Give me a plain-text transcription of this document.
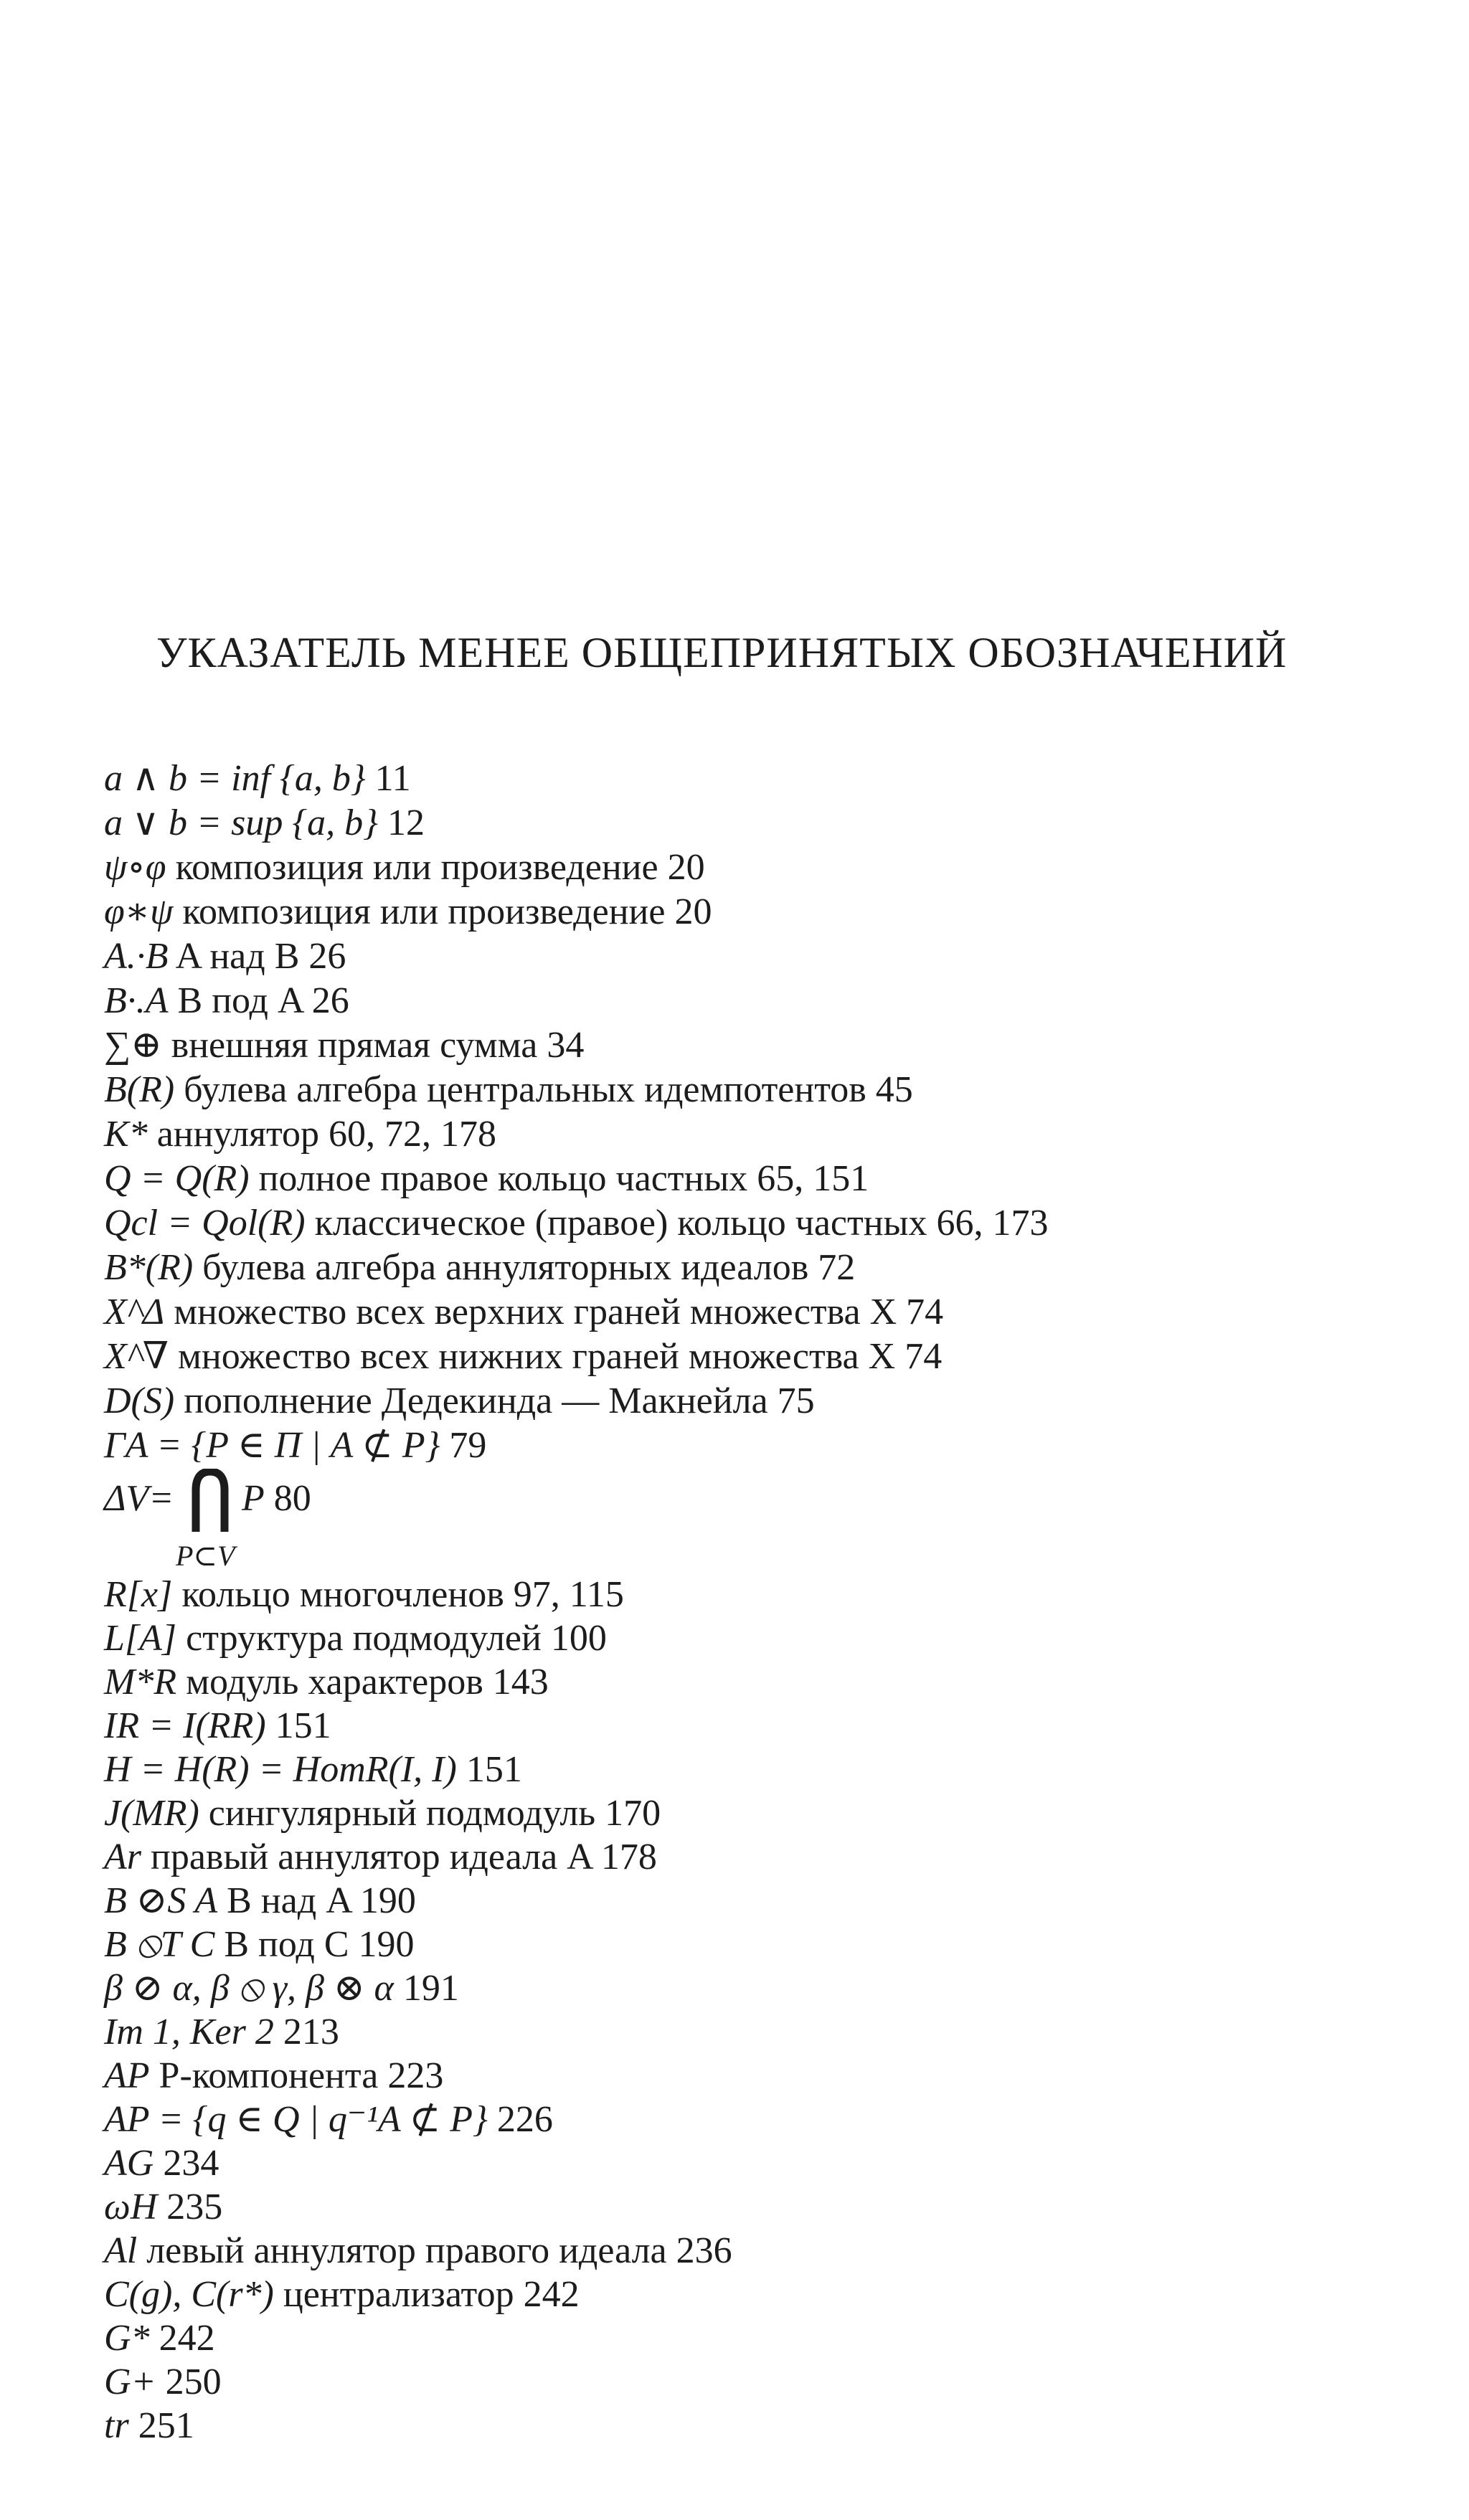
УКАЗАТЕЛЬ МЕНЕЕ ОБЩЕПРИНЯТЫХ ОБОЗНАЧЕНИЙ
a ∧ b = inf {a, b} 11
a ∨ b = sup {a, b} 12
ψ∘φ композиция или произведение 20
φ∗ψ композиция или произведение 20
A.·B A над B 26
B·.A B под A 26
∑⊕ внешняя прямая сумма 34
B(R) булева алгебра центральных идемпотентов 45
K* аннулятор 60, 72, 178
Q = Q(R) полное правое кольцо частных 65, 151
Qcl = Qol(R) классическое (правое) кольцо частных 66, 173
B*(R) булева алгебра аннуляторных идеалов 72
X^Δ множество всех верхних граней множества X 74
X^∇ множество всех нижних граней множества X 74
D(S) пополнение Дедекинда — Макнейла 75
ΓA = {P ∈ Π | A ⊄ P} 79
ΔV= P 80
P⊂V
R[x] кольцо многочленов 97, 115
L[A] структура подмодулей 100
M*R модуль характеров 143
IR = I(RR) 151
H = H(R) = HomR(I, I) 151
J(MR) сингулярный подмодуль 170
Ar правый аннулятор идеала A 178
B ⊘S A B над A 190
B ⦸T C B под C 190
β ⊘ α, β ⦸ γ, β ⊗ α 191
Im 1, Ker 2 213
AP P-компонента 223
AP = {q ∈ Q | q⁻¹A ⊄ P} 226
AG 234
ωH 235
Al левый аннулятор правого идеала 236
C(g), C(r*) централизатор 242
G* 242
G+ 250
tr 251
